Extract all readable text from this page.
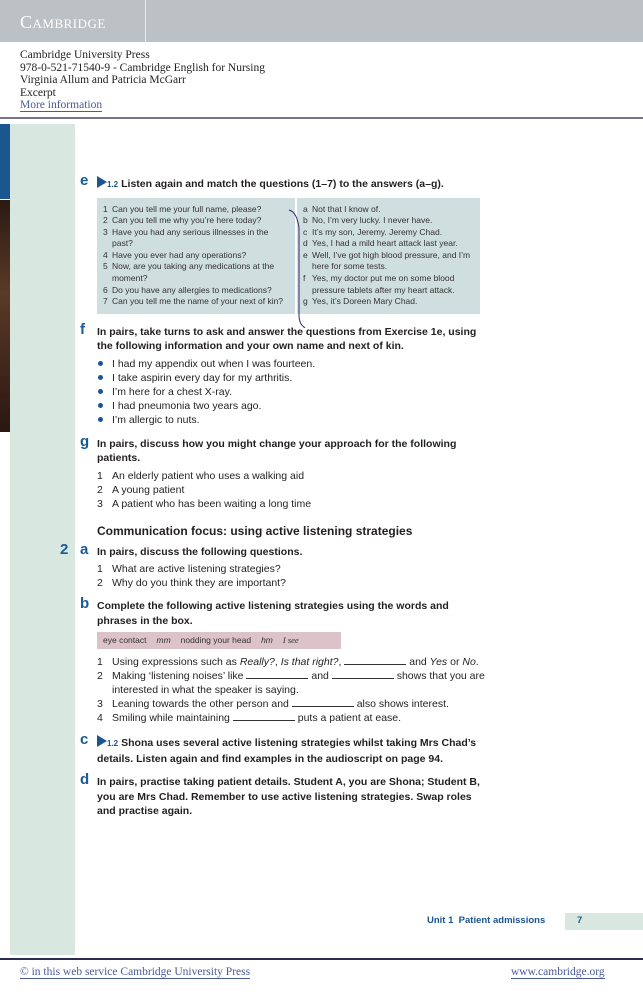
Cambridge
Cambridge University Press
978-0-521-71540-9 - Cambridge English for Nursing
Virginia Allum and Patricia McGarr
Excerpt
More information
e	1.2 Listen again and match the questions (1–7) to the answers (a–g).
1 Can you tell me your full name, please?
2 Can you tell me why you’re here today?
3 Have you had any serious illnesses in the past?
4 Have you ever had any operations?
5 Now, are you taking any medications at the moment?
6 Do you have any allergies to medications?
7 Can you tell me the name of your next of kin?
a Not that I know of.
b No, I’m very lucky. I never have.
c It’s my son, Jeremy. Jeremy Chad.
d Yes, I had a mild heart attack last year.
e Well, I’ve got high blood pressure, and I’m here for some tests.
f Yes, my doctor put me on some blood pressure tablets after my heart attack.
g Yes, it’s Doreen Mary Chad.
f In pairs, take turns to ask and answer the questions from Exercise 1e, using the following information and your own name and next of kin.
I had my appendix out when I was fourteen.
I take aspirin every day for my arthritis.
I’m here for a chest X-ray.
I had pneumonia two years ago.
I’m allergic to nuts.
g In pairs, discuss how you might change your approach for the following patients.
1 An elderly patient who uses a walking aid
2 A young patient
3 A patient who has been waiting a long time
Communication focus: using active listening strategies
2 a In pairs, discuss the following questions.
1 What are active listening strategies?
2 Why do you think they are important?
b Complete the following active listening strategies using the words and phrases in the box.
eye contact mm nodding your head hm I see
1 Using expressions such as Really?, Is that right?,	and Yes or No.
2 Making ‘listening noises’ like	and	shows that you are interested in what the speaker is saying.
3 Leaning towards the other person and	also shows interest.
4 Smiling while maintaining	puts a patient at ease.
c	1.2 Shona uses several active listening strategies whilst taking Mrs Chad’s details. Listen again and find examples in the audioscript on page 94.
d In pairs, practise taking patient details. Student A, you are Shona; Student B, you are Mrs Chad. Remember to use active listening strategies. Swap roles and practise again.
Unit 1  Patient admissions	7
© in this web service Cambridge University Press	www.cambridge.org
